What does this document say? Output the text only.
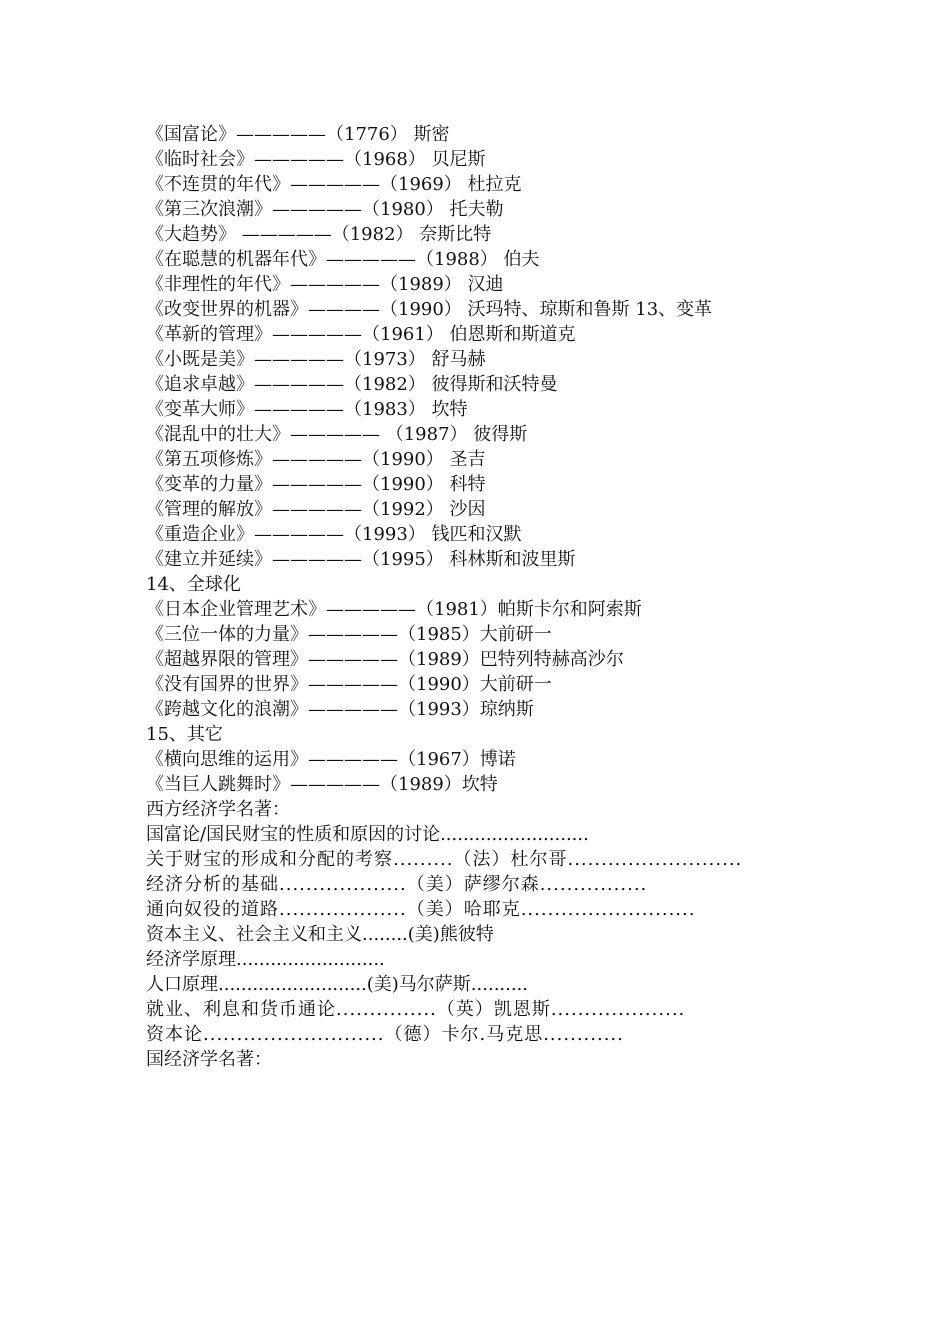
《国富论》—————（1776） 斯密
《临时社会》—————（1968） 贝尼斯
《不连贯的年代》—————（1969） 杜拉克
《第三次浪潮》—————（1980） 托夫勒
《大趋势》 —————（1982） 奈斯比特
《在聪慧的机器年代》—————（1988） 伯夫
《非理性的年代》—————（1989） 汉迪
《改变世界的机器》————（1990） 沃玛特、琼斯和鲁斯 13、变革
《革新的管理》—————（1961） 伯恩斯和斯道克
《小既是美》—————（1973） 舒马赫
《追求卓越》—————（1982） 彼得斯和沃特曼
《变革大师》—————（1983） 坎特
《混乱中的壮大》————— （1987） 彼得斯
《第五项修炼》—————（1990） 圣吉
《变革的力量》—————（1990） 科特
《管理的解放》—————（1992） 沙因
《重造企业》—————（1993） 钱匹和汉默
《建立并延续》—————（1995） 科林斯和波里斯
14、全球化
《日本企业管理艺术》—————（1981）帕斯卡尔和阿索斯
《三位一体的力量》—————（1985）大前研一
《超越界限的管理》—————（1989）巴特列特赫高沙尔
《没有国界的世界》—————（1990）大前研一
《跨越文化的浪潮》—————（1993）琼纳斯
15、其它
《横向思维的运用》—————（1967）博诺
《当巨人跳舞时》—————（1989）坎特
西方经济学名著：
国富论/国民财宝的性质和原因的讨论..........................
关于财宝的形成和分配的考察.........（法）杜尔哥..........................
经济分析的基础...................（美）萨缪尔森................
通向奴役的道路...................（美）哈耶克..........................
资本主义、社会主义和主义........(美)熊彼特
经济学原理..........................
人口原理..........................(美)马尔萨斯..........
就业、利息和货币通论...............（英）凯恩斯....................
资本论...........................（德）卡尔.马克思............
国经济学名著：
